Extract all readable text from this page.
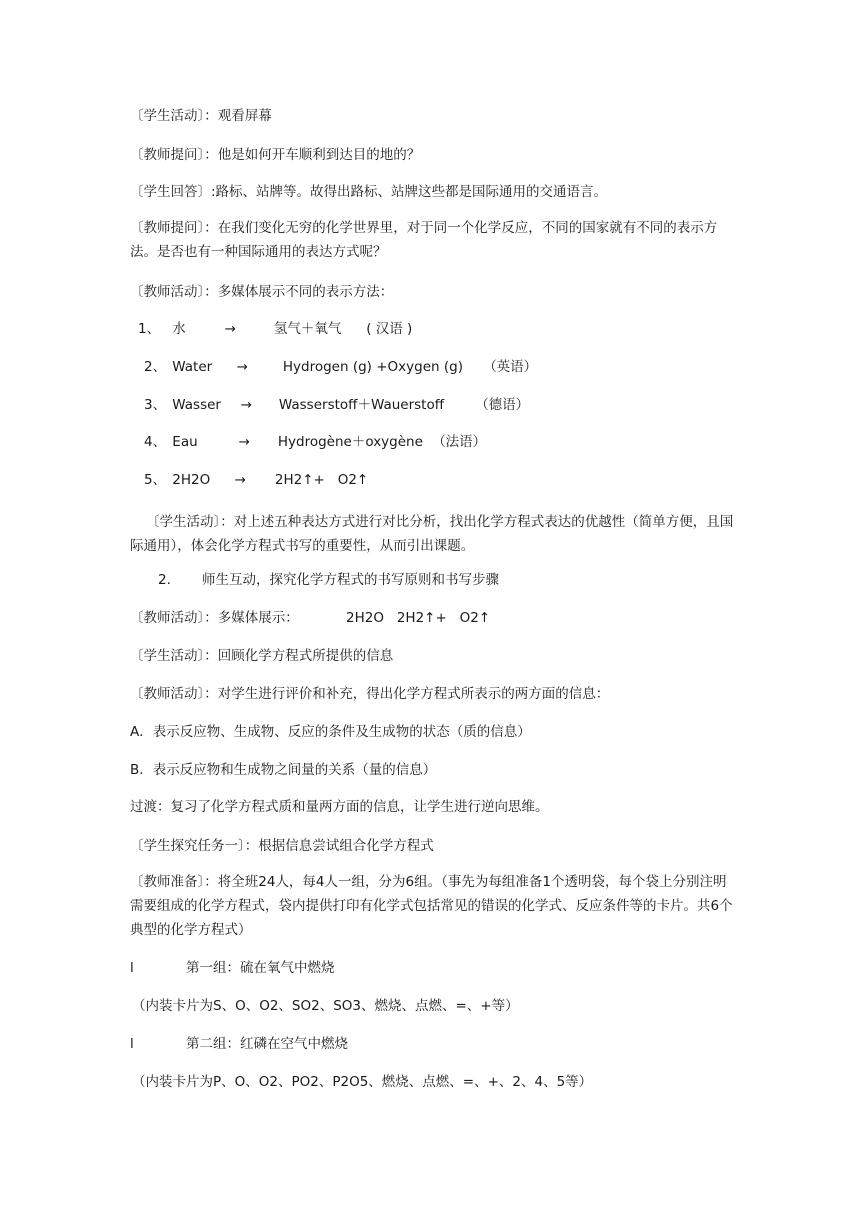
〔学生活动〕：观看屏幕
〔教师提问〕：他是如何开车顺利到达目的地的？
〔学生回答〕:路标、站牌等。故得出路标、站牌这些都是国际通用的交通语言。
〔教师提问〕：在我们变化无穷的化学世界里，对于同一个化学反应，不同的国家就有不同的表示方法。是否也有一种国际通用的表达方式呢？
〔教师活动〕：多媒体展示不同的表示方法：
1、 水	→	氢气＋氧气 ( 汉语 )
2、 Water →	Hydrogen (g) +Oxygen (g) （英语）
3、 Wasser → Wasserstoff＋Wauerstoff （德语）
4、 Eau	→ Hydrogène＋oxygène （法语）
5、 2H2O → 2H2↑+   O2↑
〔学生活动〕：对上述五种表达方式进行对比分析，找出化学方程式表达的优越性（简单方便，且国际通用），体会化学方程式书写的重要性，从而引出课题。
2. 师生互动，探究化学方程式的书写原则和书写步骤
〔教师活动〕：多媒体展示：	2H2O   2H2↑+   O2↑
〔学生活动〕：回顾化学方程式所提供的信息
〔教师活动〕：对学生进行评价和补充，得出化学方程式所表示的两方面的信息：
A．表示反应物、生成物、反应的条件及生成物的状态（质的信息）
B．表示反应物和生成物之间量的关系（量的信息）
过渡：复习了化学方程式质和量两方面的信息，让学生进行逆向思维。
〔学生探究任务一〕：根据信息尝试组合化学方程式
〔教师准备〕：将全班24人，每4人一组，分为6组。（事先为每组准备1个透明袋，每个袋上分别注明需要组成的化学方程式，袋内提供打印有化学式包括常见的错误的化学式、反应条件等的卡片。共6个典型的化学方程式）
l	第一组：硫在氧气中燃烧
（内装卡片为S、O、O2、SO2、SO3、燃烧、点燃、=、+等）
l	第二组：红磷在空气中燃烧
（内装卡片为P、O、O2、PO2、P2O5、燃烧、点燃、=、+、2、4、5等）
